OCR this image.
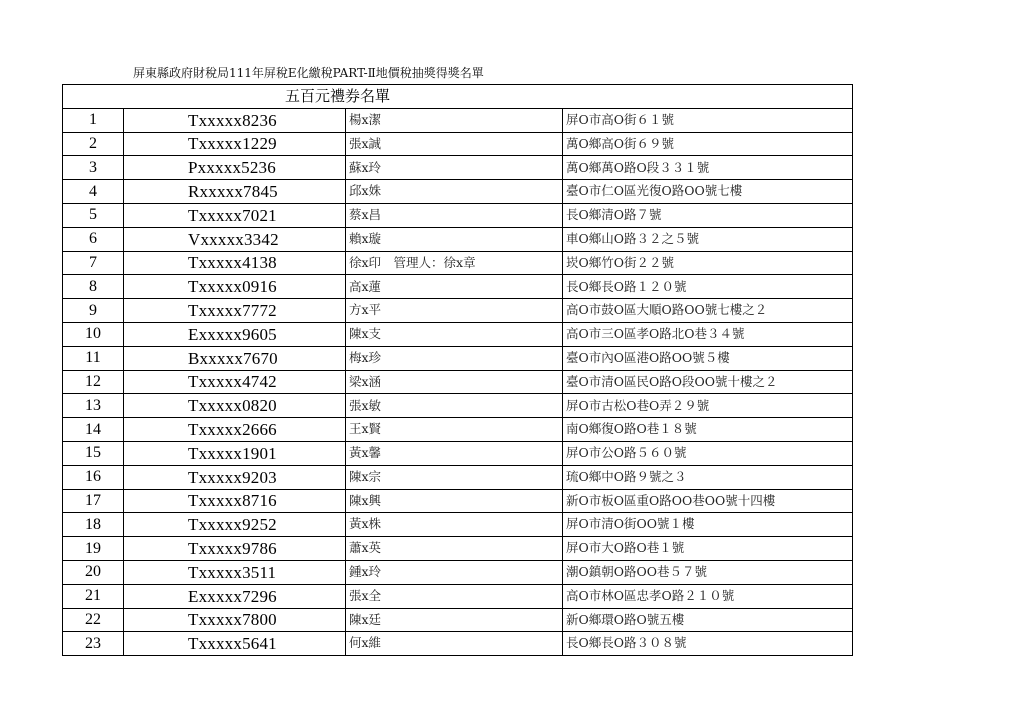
屏東縣政府財稅局111年屏稅E化繳稅PART-Ⅱ地價稅抽獎得獎名單
五百元禮券名單			
1	Txxxxx8236	楊x潔	屏O市高O街６１號
2	Txxxxx1229	張x誠	萬O鄉高O街６９號
3	Pxxxxx5236	蘇x玲	萬O鄉萬O路O段３３１號
4	Rxxxxx7845	邱x姝	臺O市仁O區光復O路OO號七樓
5	Txxxxx7021	蔡x昌	長O鄉清O路７號
6	Vxxxxx3342	賴x璇	車O鄉山O路３２之５號
7	Txxxxx4138	徐x印　管理人：徐x章	崁O鄉竹O街２２號
8	Txxxxx0916	高x蓮	長O鄉長O路１２０號
9	Txxxxx7772	方x平	高O市鼓O區大順O路OO號七樓之２
10	Exxxxx9605	陳x支	高O市三O區孝O路北O巷３４號
11	Bxxxxx7670	梅x珍	臺O市內O區港O路OO號５樓
12	Txxxxx4742	梁x涵	臺O市清O區民O路O段OO號十樓之２
13	Txxxxx0820	張x敏	屏O市古松O巷O弄２９號
14	Txxxxx2666	王x賢	南O鄉復O路O巷１８號
15	Txxxxx1901	黃x馨	屏O市公O路５６０號
16	Txxxxx9203	陳x宗	琉O鄉中O路９號之３
17	Txxxxx8716	陳x興	新O市板O區重O路OO巷OO號十四樓
18	Txxxxx9252	黃x株	屏O市清O街OO號１樓
19	Txxxxx9786	蕭x英	屏O市大O路O巷１號
20	Txxxxx3511	鍾x玲	潮O鎮朝O路OO巷５７號
21	Exxxxx7296	張x全	高O市林O區忠孝O路２１０號
22	Txxxxx7800	陳x廷	新O鄉環O路O號五樓
23	Txxxxx5641	何x維	長O鄉長O路３０８號
